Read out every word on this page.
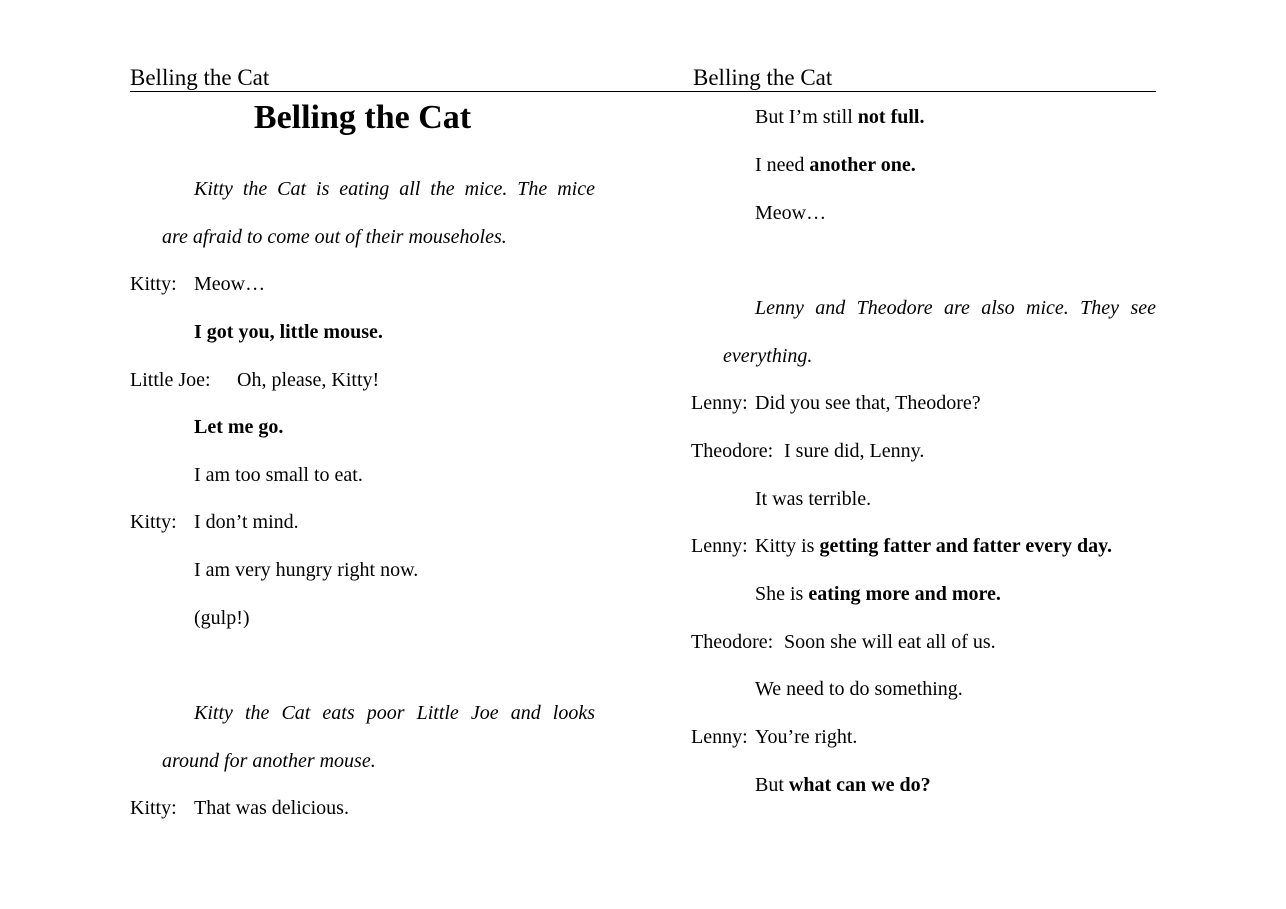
Belling the Cat	Belling the Cat
Belling the Cat
Kitty the Cat is eating all the mice. The mice
are afraid to come out of their mouseholes.
Kitty: Meow…
I got you, little mouse.
Little Joe: Oh, please, Kitty!
Let me go.
I am too small to eat.
Kitty: I don’t mind.
I am very hungry right now.
(gulp!)
Kitty the Cat eats poor Little Joe and looks
around for another mouse.
Kitty: That was delicious.
But I’m still not full.
I need another one.
Meow…
Lenny and Theodore are also mice. They see
everything.
Lenny: Did you see that, Theodore?
Theodore: I sure did, Lenny.
It was terrible.
Lenny: Kitty is getting fatter and fatter every day.
She is eating more and more.
Theodore: Soon she will eat all of us.
We need to do something.
Lenny: You’re right.
But what can we do?
